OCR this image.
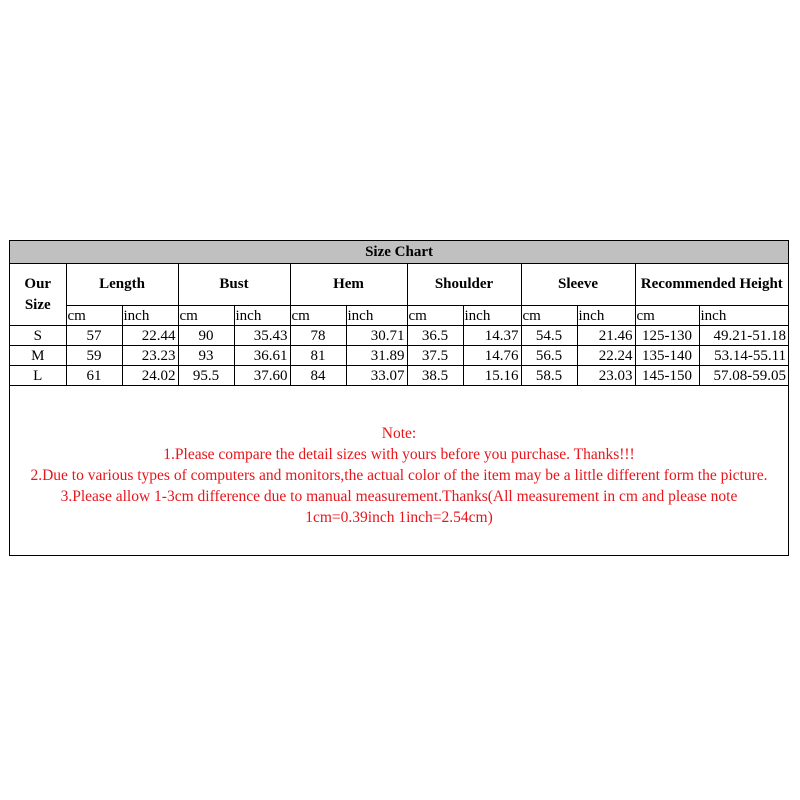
Size Chart												
Our Size	Length		Bust		Hem		Shoulder		Sleeve		Recommended Height	
	cm	inch	cm	inch	cm	inch	cm	inch	cm	inch	cm	inch
S	57	22.44	90	35.43	78	30.71	36.5	14.37	54.5	21.46	125-130	49.21-51.18
M	59	23.23	93	36.61	81	31.89	37.5	14.76	56.5	22.24	135-140	53.14-55.11
L	61	24.02	95.5	37.60	84	33.07	38.5	15.16	58.5	23.03	145-150	57.08-59.05
Note:
1.Please compare the detail sizes with yours before you purchase. Thanks!!!
2.Due to various types of computers and monitors,the actual color of the item may be a little different form the picture.
3.Please allow 1-3cm difference due to manual measurement.Thanks(All measurement in cm and please note
1cm=0.39inch 1inch=2.54cm)
